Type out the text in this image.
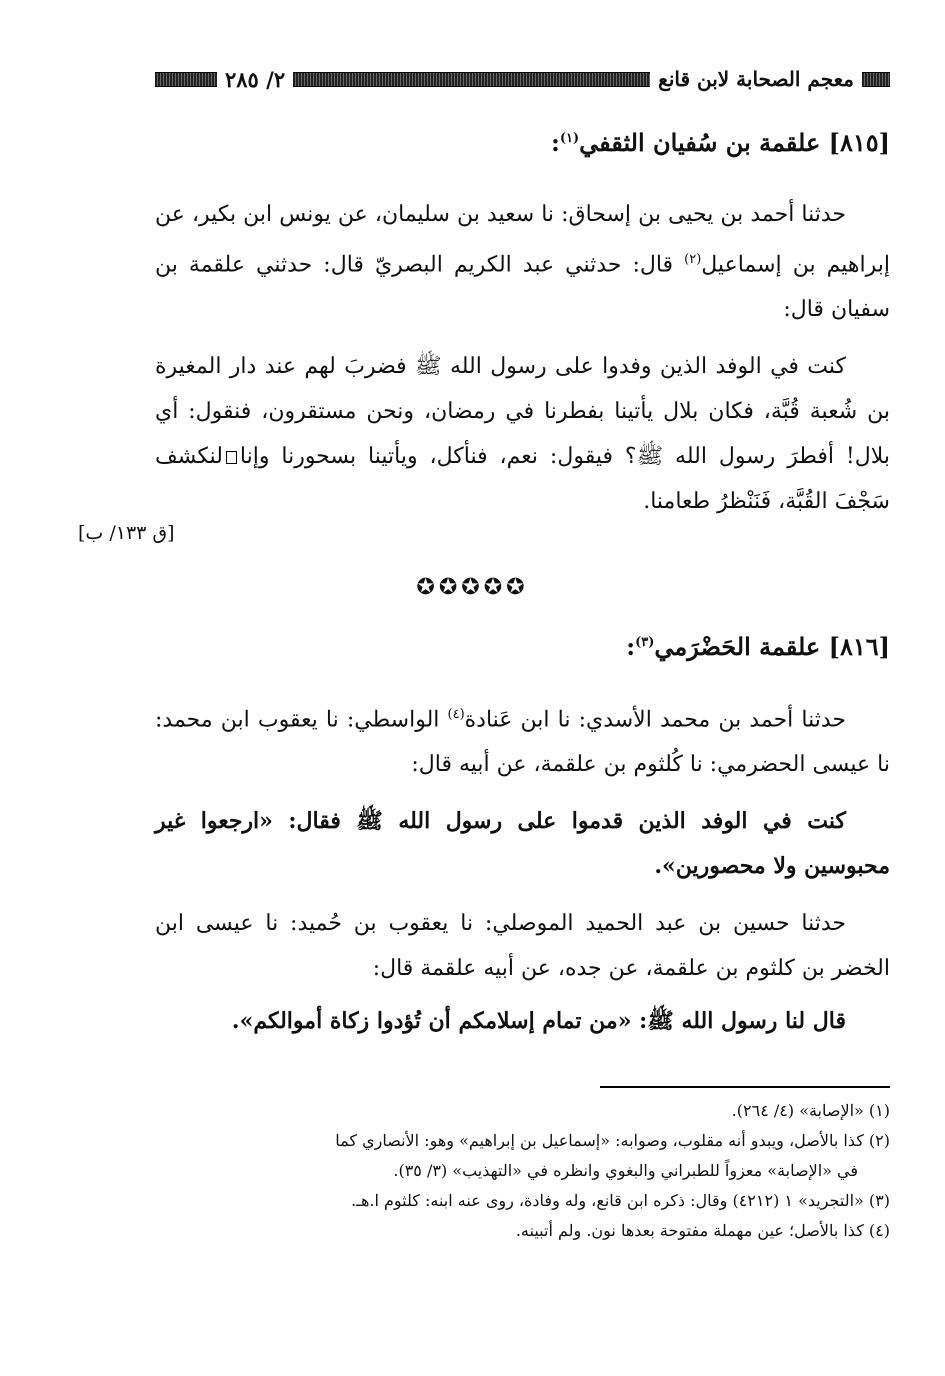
معجم الصحابة لابن قانع
٢/ ٢٨٥
[٨١٥] علقمة بن سُفيان الثقفي$^{(١)}$:

حدثنا أحمد بن يحيى بن إسحاق: نا سعيد بن سليمان، عن يونس ابن بكير، عن إبراهيم بن إسماعيل$^{(٢)}$ قال: حدثني عبد الكريم البصريّ قال: حدثني علقمة بن سفيان قال:

كنت في الوفد الذين وفدوا على رسول الله ﷺ فضربَ لهم عند دار المغيرة بن شُعبة قُبَّة، فكان بلال يأتينا بفطرنا في رمضان، ونحن مستقرون، فنقول: أي بلال! أفطرَ رسول الله ﷺ؟ فيقول: نعم، فنأكل، ويأتينا بسحورنا وإنالنكشف سَجْفَ القُبَّة، فَنَنْظرُ طعامنا.

[ق ١٣٣/ ب]
✪✪✪✪✪
[٨١٦] علقمة الحَضْرَمي$^{(٣)}$:

حدثنا أحمد بن محمد الأسدي: نا ابن عَنادة$^{(٤)}$ الواسطي: نا يعقوب ابن محمد: نا عيسى الحضرمي: نا كُلثوم بن علقمة، عن أبيه قال:

كنت في الوفد الذين قدموا على رسول الله ﷺ فقال: «ارجعوا غير محبوسين ولا محصورين».

حدثنا حسين بن عبد الحميد الموصلي: نا يعقوب بن حُميد: نا عيسى ابن الخضر بن كلثوم بن علقمة، عن جده، عن أبيه علقمة قال:

قال لنا رسول الله ﷺ: «من تمام إسلامكم أن تُؤدوا زكاة أموالكم».

(١) «الإصابة» (٤/ ٢٦٤).

(٢) كذا بالأصل، ويبدو أنه مقلوب، وصوابه: «إسماعيل بن إبراهيم» وهو: الأنصاري كما

في «الإصابة» معزواً للطبراني والبغوي وانظره في «التهذيب» (٣/ ٣٥).

(٣) «التجريد» ١ (٤٢١٢) وقال: ذكره ابن قانع، وله وفادة، روى عنه ابنه: كلثوم ا.هـ.

(٤) كذا بالأصل؛ عين مهملة مفتوحة بعدها نون. ولم أتبينه.
